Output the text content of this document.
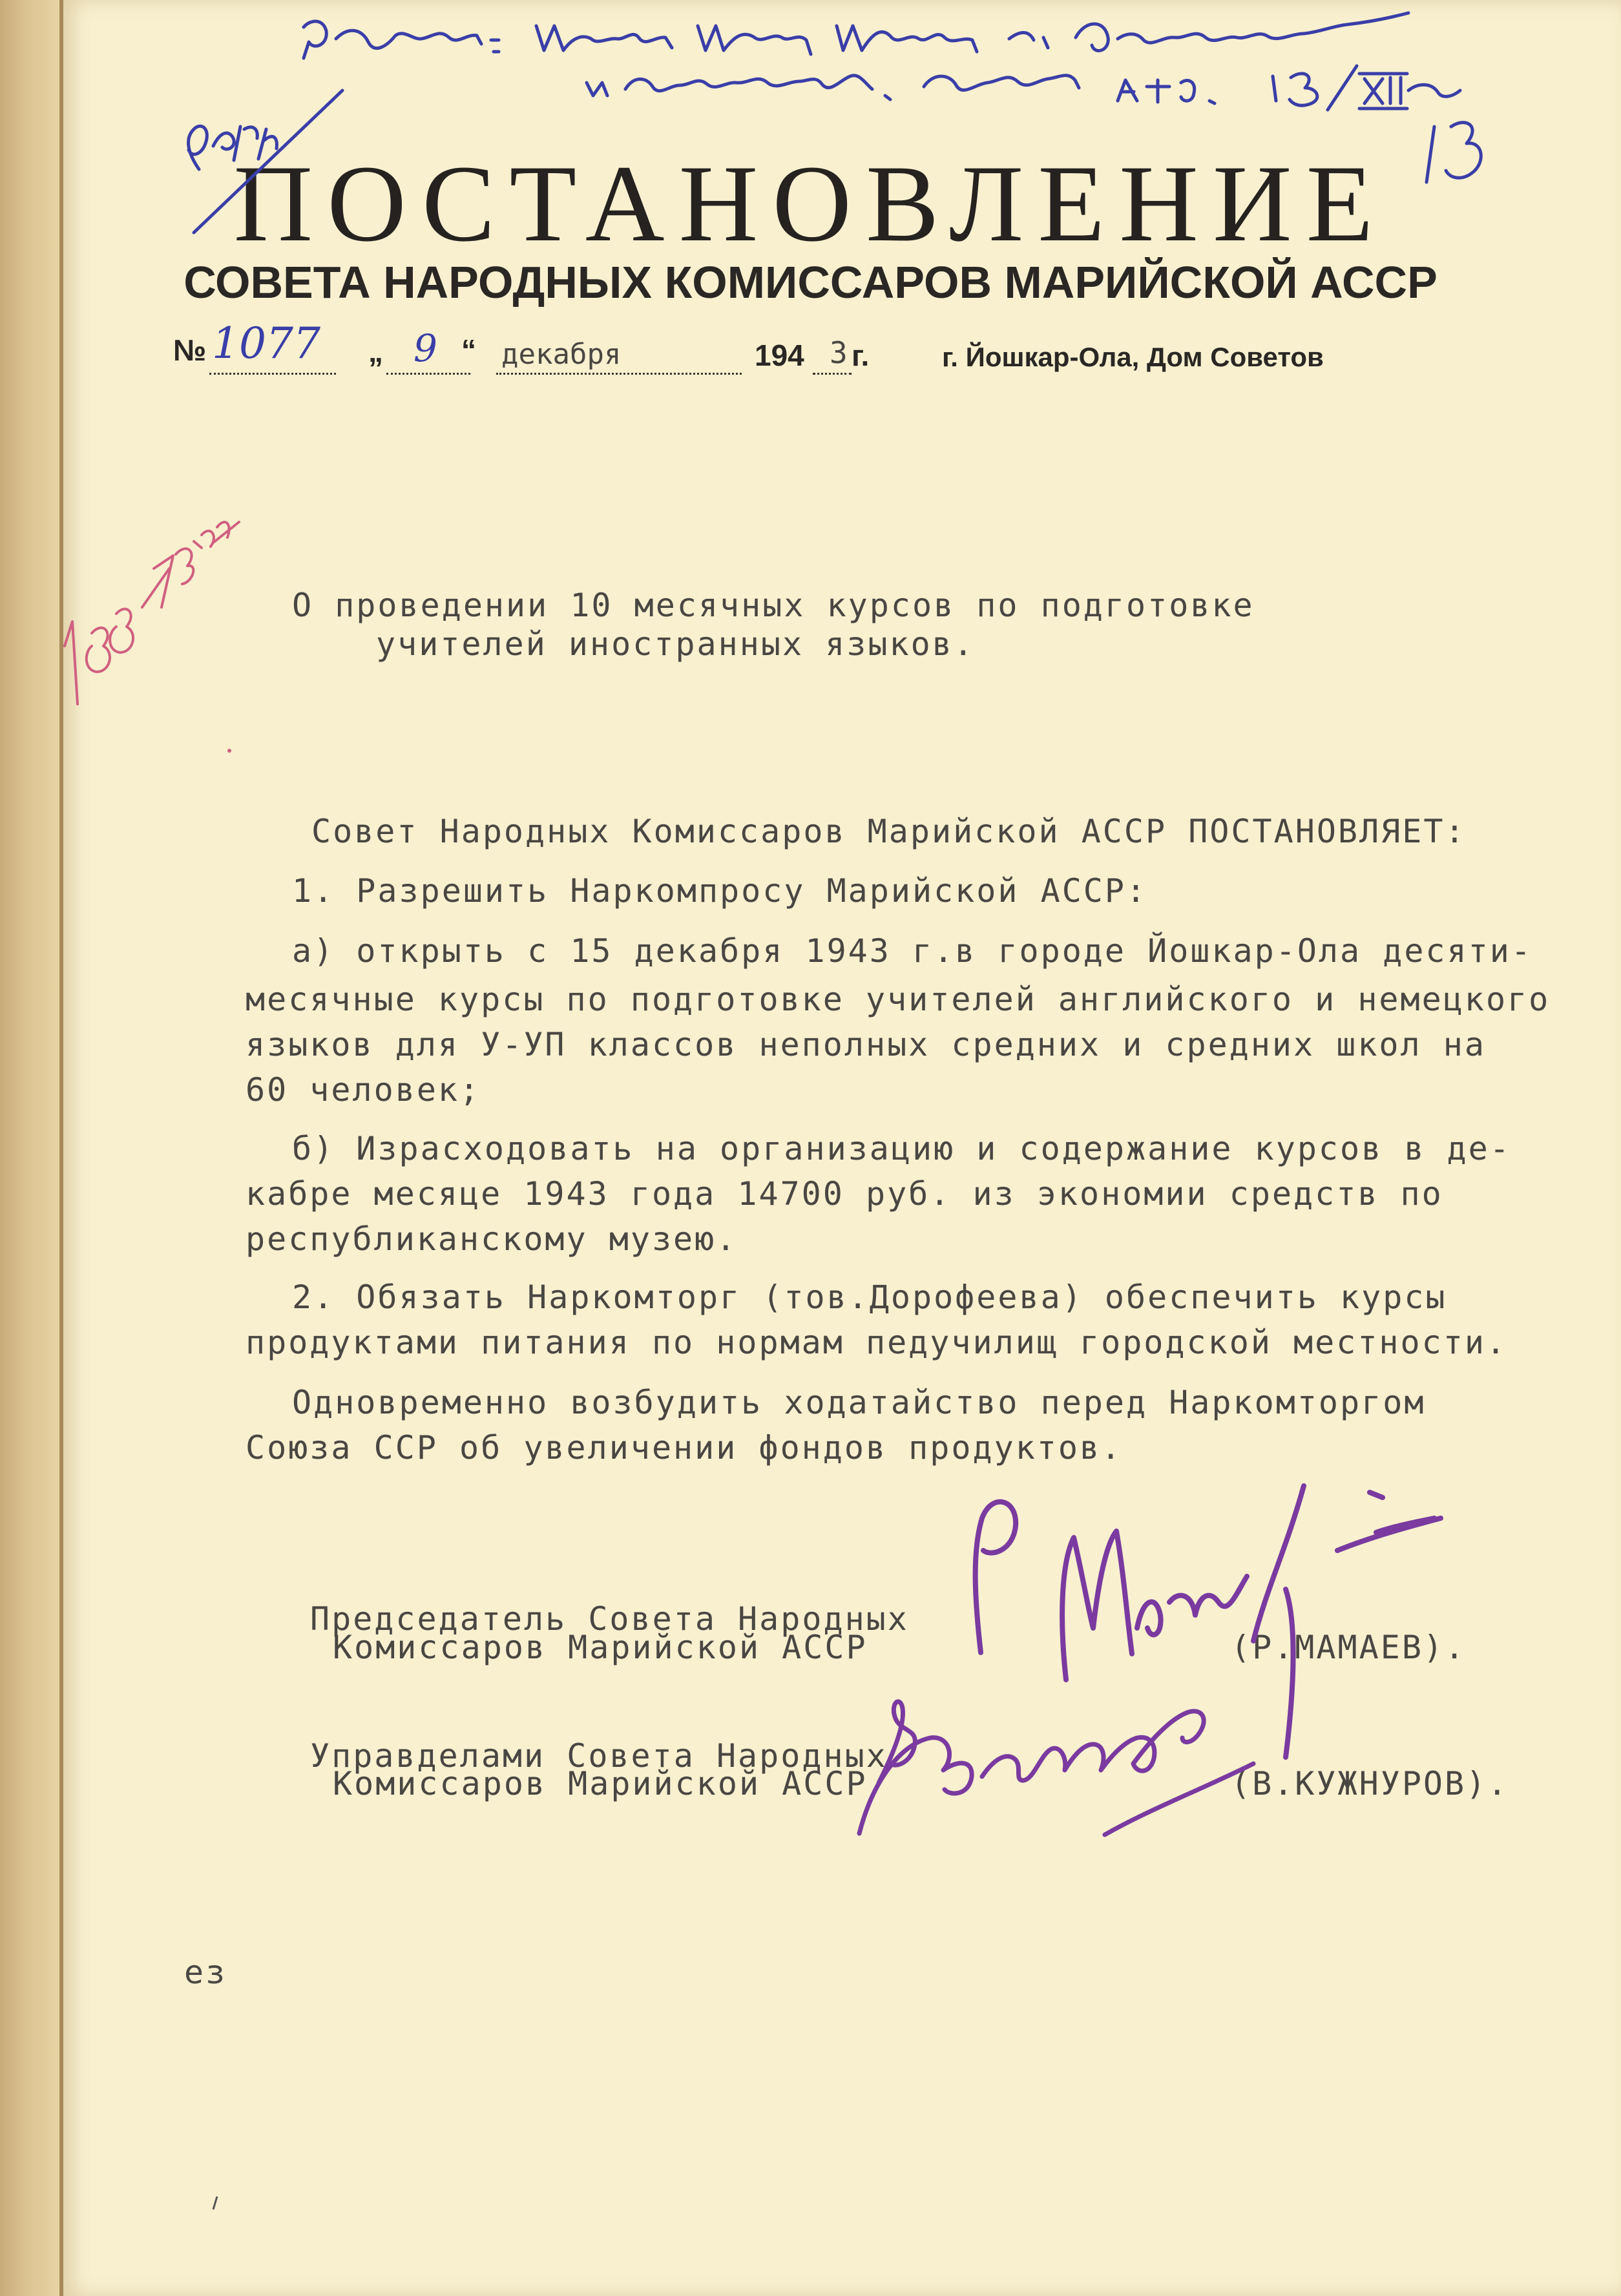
ПОСТАНОВЛЕНИЕ
СОВЕТА НАРОДНЫХ КОМИССАРОВ МАРИЙСКОЙ АССР
№ 1077 „ 9 “ декабря	194 3 г.	г. Йошкар-Ола, Дом Советов
О проведении 10 месячных курсов по подготовке
учителей иностранных языков.
Совет Народных Комиссаров Марийской АССР ПОСТАНОВЛЯЕТ:
1. Разрешить Наркомпросу Марийской АССР:
а) открыть с 15 декабря 1943 г.в городе Йошкар-Ола десяти-
месячные курсы по подготовке учителей английского и немецкого
языков для У-УП классов неполных средних и средних школ на
60 человек;
б) Израсходовать на организацию и содержание курсов в де-
кабре месяце 1943 года 14700 руб. из экономии средств по
республиканскому музею.
2. Обязать Наркомторг (тов.Дорофеева) обеспечить курсы
продуктами питания по нормам педучилищ городской местности.
Одновременно возбудить ходатайство перед Наркомторгом
Союза ССР об увеличении фондов продуктов.
Председатель Совета Народных
Комиссаров Марийской АССР	(Р.МАМАЕВ).
Управделами Совета Народных
Комиссаров Марийской АССР	(В.КУЖНУРОВ).
ез
